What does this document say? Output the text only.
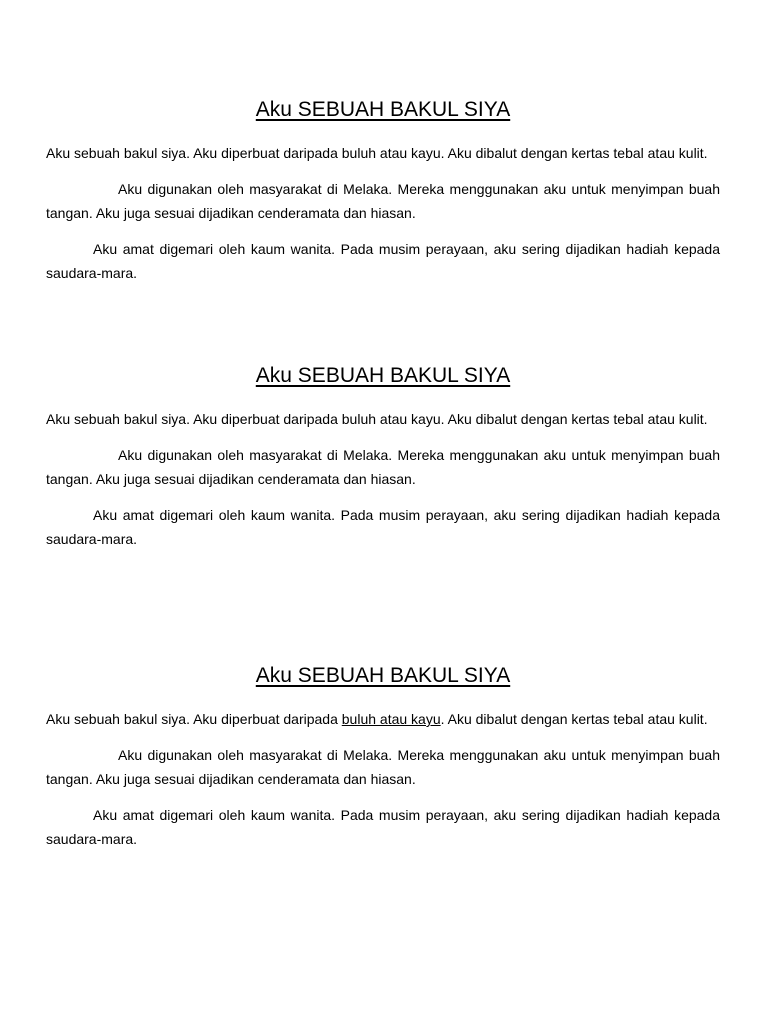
Aku SEBUAH BAKUL SIYA

Aku sebuah bakul siya. Aku diperbuat daripada buluh atau kayu. Aku dibalut dengan kertas tebal atau kulit.

Aku digunakan oleh masyarakat di Melaka. Mereka menggunakan aku untuk menyimpan buah tangan. Aku juga sesuai dijadikan cenderamata dan hiasan.

Aku amat digemari oleh kaum wanita. Pada musim perayaan, aku sering dijadikan hadiah kepada saudara-mara.

Aku SEBUAH BAKUL SIYA

Aku sebuah bakul siya. Aku diperbuat daripada buluh atau kayu. Aku dibalut dengan kertas tebal atau kulit.

Aku digunakan oleh masyarakat di Melaka. Mereka menggunakan aku untuk menyimpan buah tangan. Aku juga sesuai dijadikan cenderamata dan hiasan.

Aku amat digemari oleh kaum wanita. Pada musim perayaan, aku sering dijadikan hadiah kepada saudara-mara.

Aku SEBUAH BAKUL SIYA

Aku sebuah bakul siya. Aku diperbuat daripada buluh atau kayu. Aku dibalut dengan kertas tebal atau kulit.

Aku digunakan oleh masyarakat di Melaka. Mereka menggunakan aku untuk menyimpan buah tangan. Aku juga sesuai dijadikan cenderamata dan hiasan.

Aku amat digemari oleh kaum wanita. Pada musim perayaan, aku sering dijadikan hadiah kepada saudara-mara.
